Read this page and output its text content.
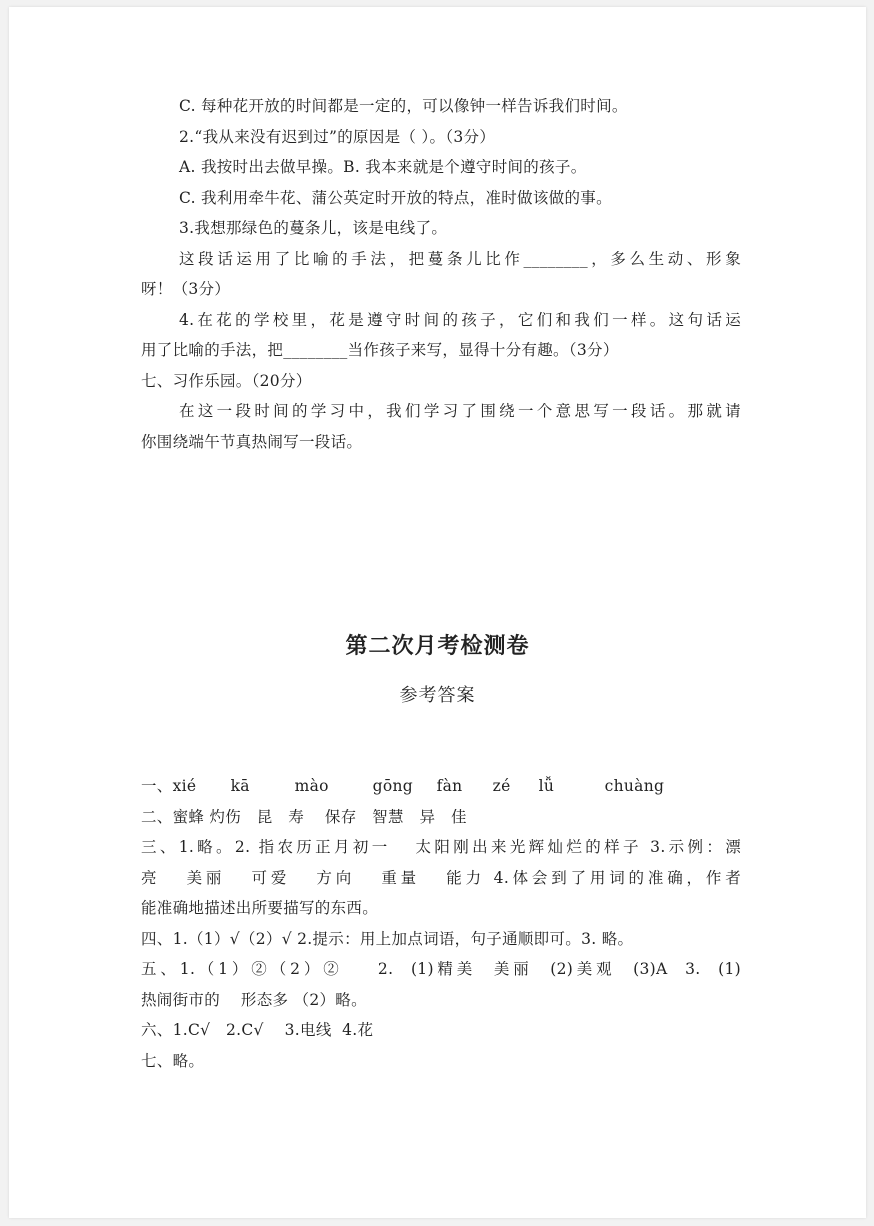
C. 每种花开放的时间都是一定的，可以像钟一样告诉我们时间。
2.“我从来没有迟到过”的原因是（ ）。（3分）
A. 我按时出去做早操。B. 我本来就是个遵守时间的孩子。
C. 我利用牵牛花、蒲公英定时开放的特点，准时做该做的事。
3.我想那绿色的蔓条儿，该是电线了。
这段话运用了比喻的手法，把蔓条儿比作________，多么生动、形象
呀！（3分）
4.在花的学校里，花是遵守时间的孩子，它们和我们一样。这句话运
用了比喻的手法，把________当作孩子来写，显得十分有趣。（3分）
七、习作乐园。（20分）
在这一段时间的学习中，我们学习了围绕一个意思写一段话。那就请
你围绕端午节真热闹写一段话。
第二次月考检测卷
参考答案
一、xié kā	mào	gōng fàn zé lǚ	chuàng
二、蜜蜂 灼伤   昆   寿    保存   智慧   异   佳
三、1.略。2. 指农历正月初一   太阳刚出来光辉灿烂的样子 3.示例：漂
亮   美丽   可爱   方向   重量   能力 4.体会到了用词的准确，作者
能准确地描述出所要描写的东西。
四、1.（1）√（2）√ 2.提示：用上加点词语，句子通顺即可。3. 略。
五、1.（1）②（2）②    2.  (1)精美  美丽  (2)美观  (3)A  3.  (1)
热闹街市的    形态多 （2）略。
六、1.C√   2.C√    3.电线  4.花
七、略。
